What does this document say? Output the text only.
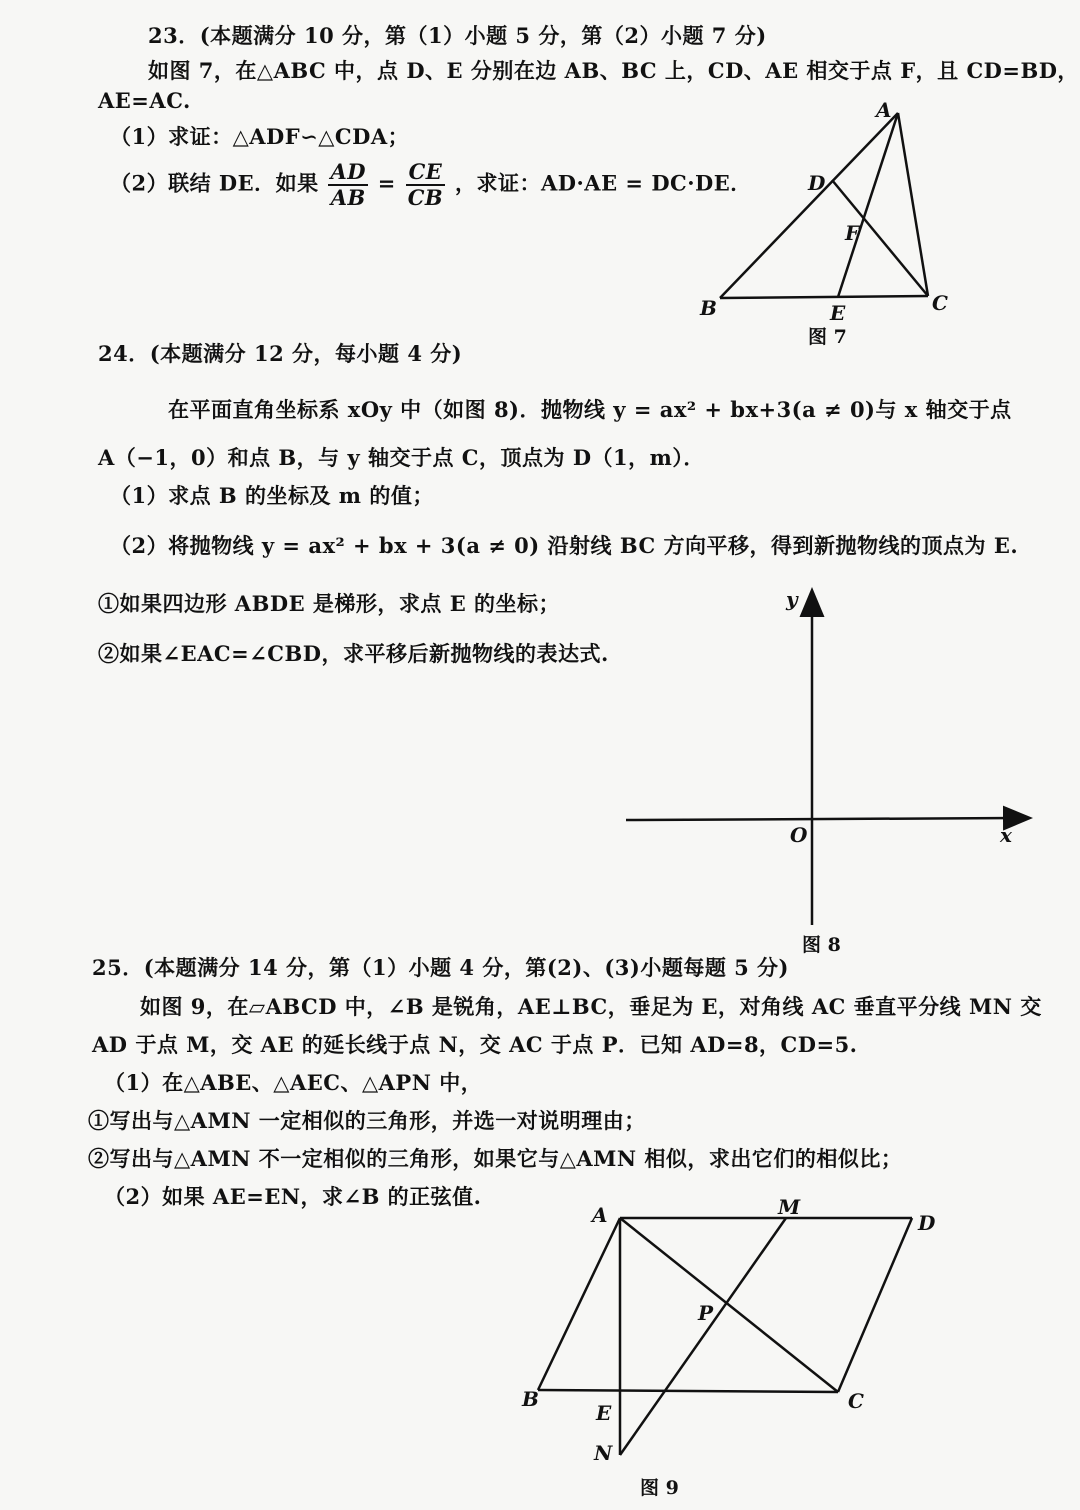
23．(本题满分 10 分，第（1）小题 5 分，第（2）小题 7 分)
如图 7，在△ABC 中，点 D、E 分别在边 AB、BC 上，CD、AE 相交于点 F，且 CD=BD，
AE=AC.
（1）求证：△ADF∽△CDA；
（2）联结 DE．如果 $\frac{AD}{AB} = \frac{CE}{CB}$ ，求证：AD·AE = DC·DE．
A
D
F
B	E	C
图 7
24．(本题满分 12 分，每小题 4 分)
在平面直角坐标系 xOy 中（如图 8)．抛物线 y = ax² + bx+3(a ≠ 0)与 x 轴交于点
A（−1，0）和点 B，与 y 轴交于点 C，顶点为 D（1，m）．
（1）求点 B 的坐标及 m 的值；
（2）将抛物线 y = ax² + bx + 3(a ≠ 0) 沿射线 BC 方向平移，得到新抛物线的顶点为 E.
①如果四边形 ABDE 是梯形，求点 E 的坐标；
②如果∠EAC=∠CBD，求平移后新抛物线的表达式.
y
O	x
图 8
25．(本题满分 14 分，第（1）小题 4 分，第(2)、(3)小题每题 5 分)
如图 9，在▱ABCD 中，∠B 是锐角，AE⊥BC，垂足为 E，对角线 AC 垂直平分线 MN 交
AD 于点 M，交 AE 的延长线于点 N，交 AC 于点 P．已知 AD=8，CD=5.
（1）在△ABE、△AEC、△APN 中，
①写出与△AMN 一定相似的三角形，并选一对说明理由；
②写出与△AMN 不一定相似的三角形，如果它与△AMN 相似，求出它们的相似比；
（2）如果 AE=EN，求∠B 的正弦值.
A	M
D
P
B
E	C
N
图 9
